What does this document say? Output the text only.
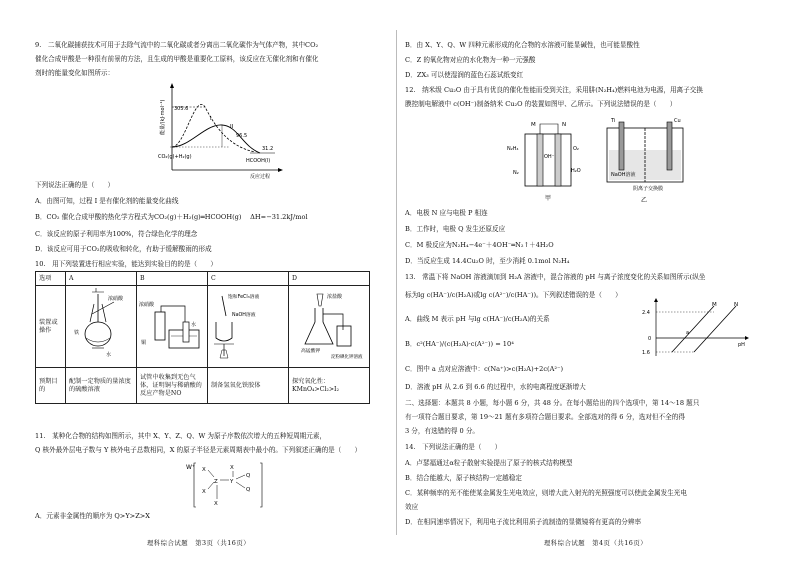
9.　二氧化碳捕获技术可用于去除气流中的二氧化碳或者分离出二氧化碳作为气体产物，其中CO₂
催化合成甲酸是一种很有前景的方法，且生成的甲酸是重要化工原料，该反应在无催化剂和有催化
剂时的能量变化如图所示：
能量/(kJ·mol⁻¹) 305.6
96.5
31.2
I
II
CO₂(g)+H₂(g)
HCOOH(l)
反应过程
下列说法正确的是（　　）
A．由图可知，过程 I 是有催化剂的能量变化曲线
B．CO₂ 催化合成甲酸的热化学方程式为CO₂(g)＋H₂(g)═HCOOH(g)　 ΔH=−31.2kJ/mol
C．该反应的原子利用率为100%，符合绿色化学的理念
D．该反应可用于CO₂的吸收和转化，有助于缓解酸雨的形成
10.　用下列装置进行相应实验，能达到实验目的的是（　　）
选项	A	B	C	D
装置或操作	浓硝酸
铁
水	浓硝酸
铜
水	饱和FeCl₃溶液
NaOH溶液	浓盐酸
高锰酸钾
淀粉碘化钾溶液

预期目的	配制一定物质的量浓度的硫酸溶液	试管中收集到无色气体，证明铜与稀硝酸的反应产物是NO	制备氢氧化铁胶体	探究氧化性：KMnO₄>Cl₂>I₂
11.　某种化合物的结构如图所示，其中 X、Y、Z、Q、W 为原子序数依次增大的五种短周期元素，
Q 核外最外层电子数与 Y 核外电子总数相同，X 的原子半径是元素周期表中最小的。下列叙述正确的是（　　）
W⁺ X
X
Y
Z
Q
Q
X
X
A．元素非金属性的顺序为 Q>Y>Z>X
理科综合试题　第3页（共16页）
B．由 X、Y、Q、W 四种元素形成的化合物的水溶液可能显碱性，也可能显酸性
C．Z 的氧化物对应的水化物为一种一元强酸
D．ZX₃ 可以使湿润的蓝色石蕊试纸变红
12.　纳米级 Cu₂O 由于具有优良的催化性能而受到关注，采用肼(N₂H₄)燃料电池为电源，用离子交换
膜控制电解液中 c(OH⁻)制备纳米 Cu₂O 的装置如图甲、乙所示。下列说法错误的是（　　）
M	N
OH⁻
N₂H₄
N₂
O₂
H₂O
甲
Ti	Cu
NaOH溶液
阴离子交换膜
乙
A．电极 N 应与电极 P 相连
B．工作时，电极 Q 发生还原反应
C．M 极反应为N₂H₄−4e⁻＋4OH⁻═N₂↑＋4H₂O
D．当反应生成 14.4Cu₂O 时，至少消耗 0.1mol N₂H₄
13.　常温下将 NaOH 溶液滴加到 H₂A 溶液中，混合溶液的 pH 与离子浓度变化的关系如图所示(纵坐
标为lg c(HA⁻)/c(H₂A)或lg c(A²⁻)/c(HA⁻))。下列叙述错误的是（　　）
A．曲线 M 表示 pH 与lg c(HA⁻)/c(H₂A)的关系
B．c²(HA⁻)/(c(H₂A)·c(A²⁻)) = 10⁴
C．图中 a 点对应溶液中：c(Na⁺)>c(H₂A)+2c(A²⁻)
D．溶液 pH 从 2.6 到 6.6 的过程中，水的电离程度逐渐增大
2.4
0
1.6
M	N
a
pH
二、选择题：本题共 8 小题，每小题 6 分，共 48 分。在每小题给出的四个选项中，第 14～18 题只
有一项符合题目要求，第 19～21 题有多项符合题目要求。全部选对的得 6 分，选对但不全的得
3 分，有选错的得 0 分。
14.　下列说法正确的是（　　）
A．卢瑟福通过α粒子散射实验提出了原子的核式结构模型
B．结合能越大，原子核结构一定越稳定
C．某种频率的光不能使某金属发生光电效应，则增大此入射光的光照强度可以使此金属发生光电
效应
D．在相同速率情况下，利用电子流比利用质子流制造的显微镜将有更高的分辨率
理科综合试题　第4页（共16页）
